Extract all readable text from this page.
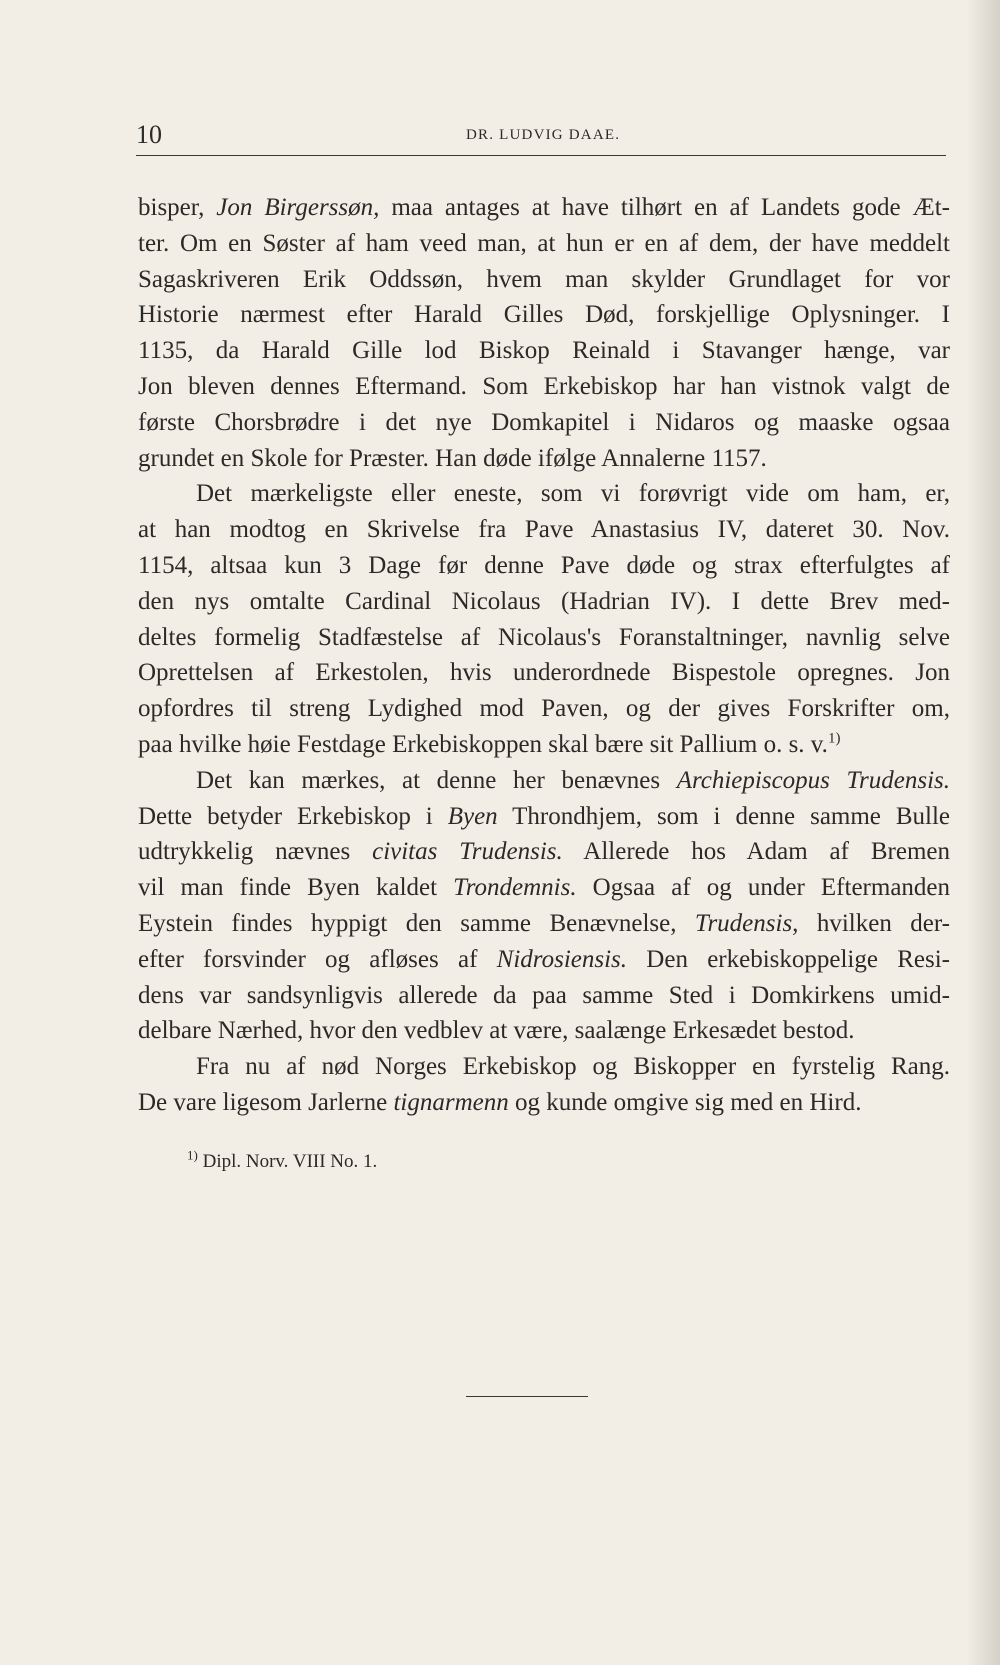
10	DR. LUDVIG DAAE.
bisper, Jon Birgerssøn, maa antages at have tilhørt en af Landets gode Æt-
ter. Om en Søster af ham veed man, at hun er en af dem, der have meddelt
Sagaskriveren Erik Oddssøn, hvem man skylder Grundlaget for vor
Historie nærmest efter Harald Gilles Død, forskjellige Oplysninger. I
1135, da Harald Gille lod Biskop Reinald i Stavanger hænge, var
Jon bleven dennes Eftermand. Som Erkebiskop har han vistnok valgt de
første Chorsbrødre i det nye Domkapitel i Nidaros og maaske ogsaa
grundet en Skole for Præster. Han døde ifølge Annalerne 1157.
Det mærkeligste eller eneste, som vi forøvrigt vide om ham, er,
at han modtog en Skrivelse fra Pave Anastasius IV, dateret 30. Nov.
1154, altsaa kun 3 Dage før denne Pave døde og strax efterfulgtes af
den nys omtalte Cardinal Nicolaus (Hadrian IV). I dette Brev med-
deltes formelig Stadfæstelse af Nicolaus's Foranstaltninger, navnlig selve
Oprettelsen af Erkestolen, hvis underordnede Bispestole opregnes. Jon
opfordres til streng Lydighed mod Paven, og der gives Forskrifter om,
paa hvilke høie Festdage Erkebiskoppen skal bære sit Pallium o. s. v.$^{1)}$
Det kan mærkes, at denne her benævnes Archiepiscopus Trudensis.
Dette betyder Erkebiskop i Byen Throndhjem, som i denne samme Bulle
udtrykkelig nævnes civitas Trudensis. Allerede hos Adam af Bremen
vil man finde Byen kaldet Trondemnis. Ogsaa af og under Eftermanden
Eystein findes hyppigt den samme Benævnelse, Trudensis, hvilken der-
efter forsvinder og afløses af Nidrosiensis. Den erkebiskoppelige Resi-
dens var sandsynligvis allerede da paa samme Sted i Domkirkens umid-
delbare Nærhed, hvor den vedblev at være, saalænge Erkesædet bestod.
Fra nu af nød Norges Erkebiskop og Biskopper en fyrstelig Rang.
De vare ligesom Jarlerne tignarmenn og kunde omgive sig med en Hird.
$^{1)}$ Dipl. Norv. VIII No. 1.
